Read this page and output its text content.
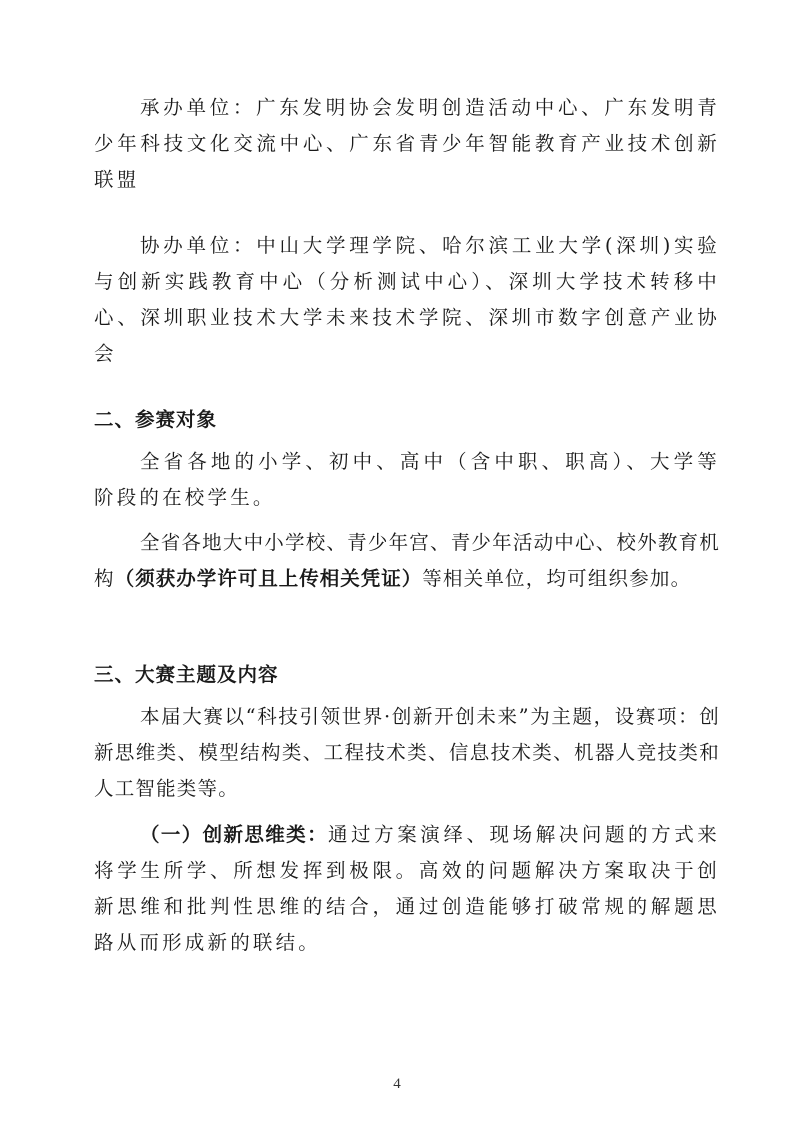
承办单位：广东发明协会发明创造活动中心、广东发明青少年科技文化交流中心、广东省青少年智能教育产业技术创新联盟

协办单位：中山大学理学院、哈尔滨工业大学(深圳)实验与创新实践教育中心（分析测试中心）、深圳大学技术转移中心、深圳职业技术大学未来技术学院、深圳市数字创意产业协会

二、参赛对象

全省各地的小学、初中、高中（含中职、职高）、大学等阶段的在校学生。

全省各地大中小学校、青少年宫、青少年活动中心、校外教育机构（须获办学许可且上传相关凭证）等相关单位，均可组织参加。

三、大赛主题及内容

本届大赛以“科技引领世界·创新开创未来”为主题，设赛项：创新思维类、模型结构类、工程技术类、信息技术类、机器人竞技类和人工智能类等。

（一）创新思维类：通过方案演绎、现场解决问题的方式来将学生所学、所想发挥到极限。高效的问题解决方案取决于创新思维和批判性思维的结合，通过创造能够打破常规的解题思路从而形成新的联结。

4
